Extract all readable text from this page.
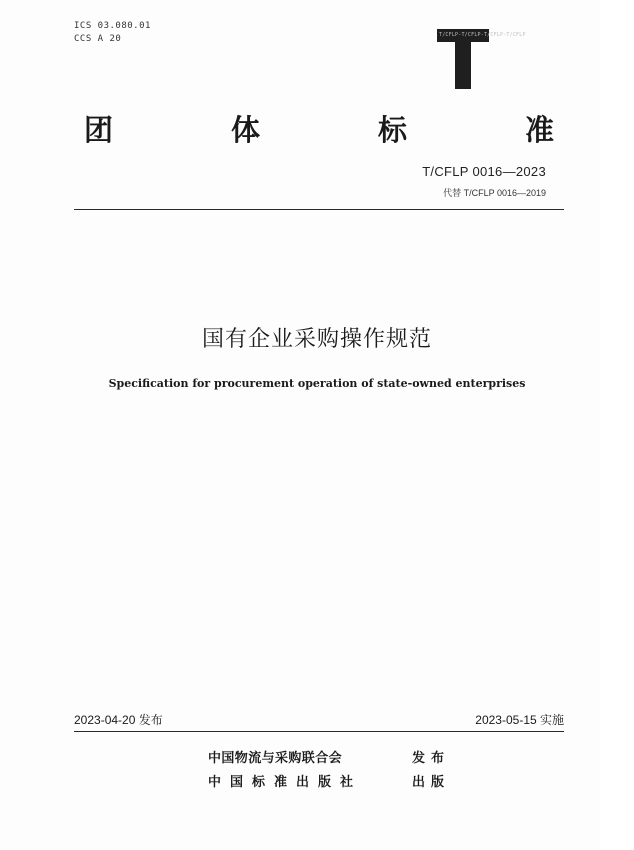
ICS 03.080.01
CCS A 20	T/CFLP-T/CFLP-T/CFLP-T/CFLP
团	体	标	准
T/CFLP 0016—2023
代替 T/CFLP 0016—2019
国有企业采购操作规范
Specification for procurement operation of state-owned enterprises
2023-04-20 发布	2023-05-15 实施
中国物流与采购联合会	发布
中国标准出版社	出版
